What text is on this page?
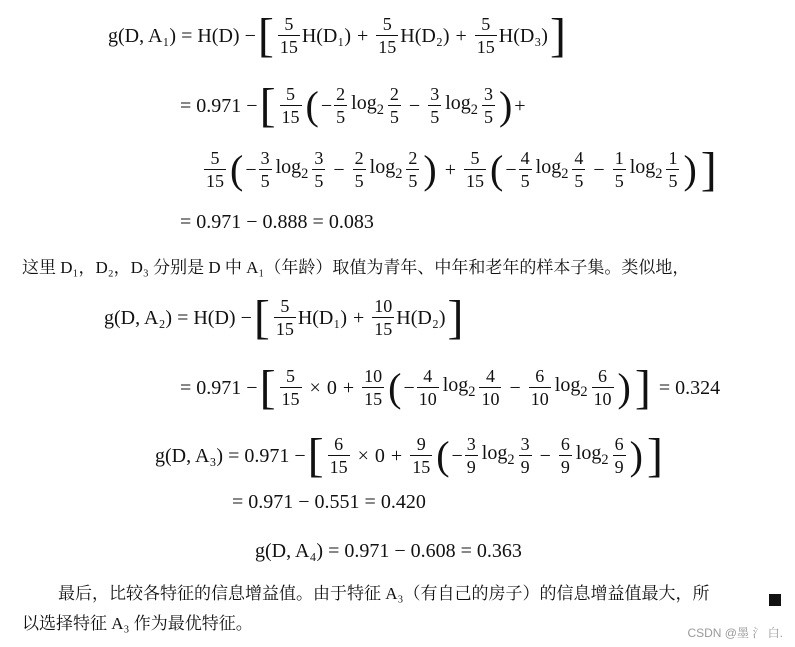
g(D, A₁) = H(D) − [ $\frac{5}{15} H(D_1) + \frac{5}{15} H(D_2) + \frac{5}{15} H(D_3)$ ]
= 0.971 − [ $\frac{5}{15}$ ( − $\frac{2}{5} \log_2 \frac{2}{5} - \frac{3}{5} \log_2 \frac{3}{5}$ ) +
$\frac{5}{15}$ ( − $\frac{3}{5} \log_2 \frac{3}{5} - \frac{2}{5} \log_2 \frac{2}{5}$ ) + $\frac{5}{15}$ ( − $\frac{4}{5} \log_2 \frac{4}{5} - \frac{1}{5} \log_2 \frac{1}{5}$ ) ]
= 0.971 − 0.888 = 0.083
这里 D₁，D₂，D₃ 分别是 D 中 A₁（年龄）取值为青年、中年和老年的样本子集。类似地，
g(D, A₂) = H(D) − [ $\frac{5}{15} H(D_1) + \frac{10}{15} H(D_2)$ ]
= 0.971 − [ $\frac{5}{15} \times 0 + \frac{10}{15}$ ( − $\frac{4}{10} \log_2 \frac{4}{10} - \frac{6}{10} \log_2 \frac{6}{10}$ ) ] = 0.324
g(D, A₃) = 0.971 − [ $\frac{6}{15} \times 0 + \frac{9}{15}$ ( − $\frac{3}{9} \log_2 \frac{3}{9} - \frac{6}{9} \log_2 \frac{6}{9}$ ) ]
= 0.971 − 0.551 = 0.420
g(D, A₄) = 0.971 − 0.608 = 0.363
最后，比较各特征的信息增益值。由于特征 A₃（有自己的房子）的信息增益值最大，所
以选择特征 A₃ 作为最优特征。	CSDN @墨 氵 白.
